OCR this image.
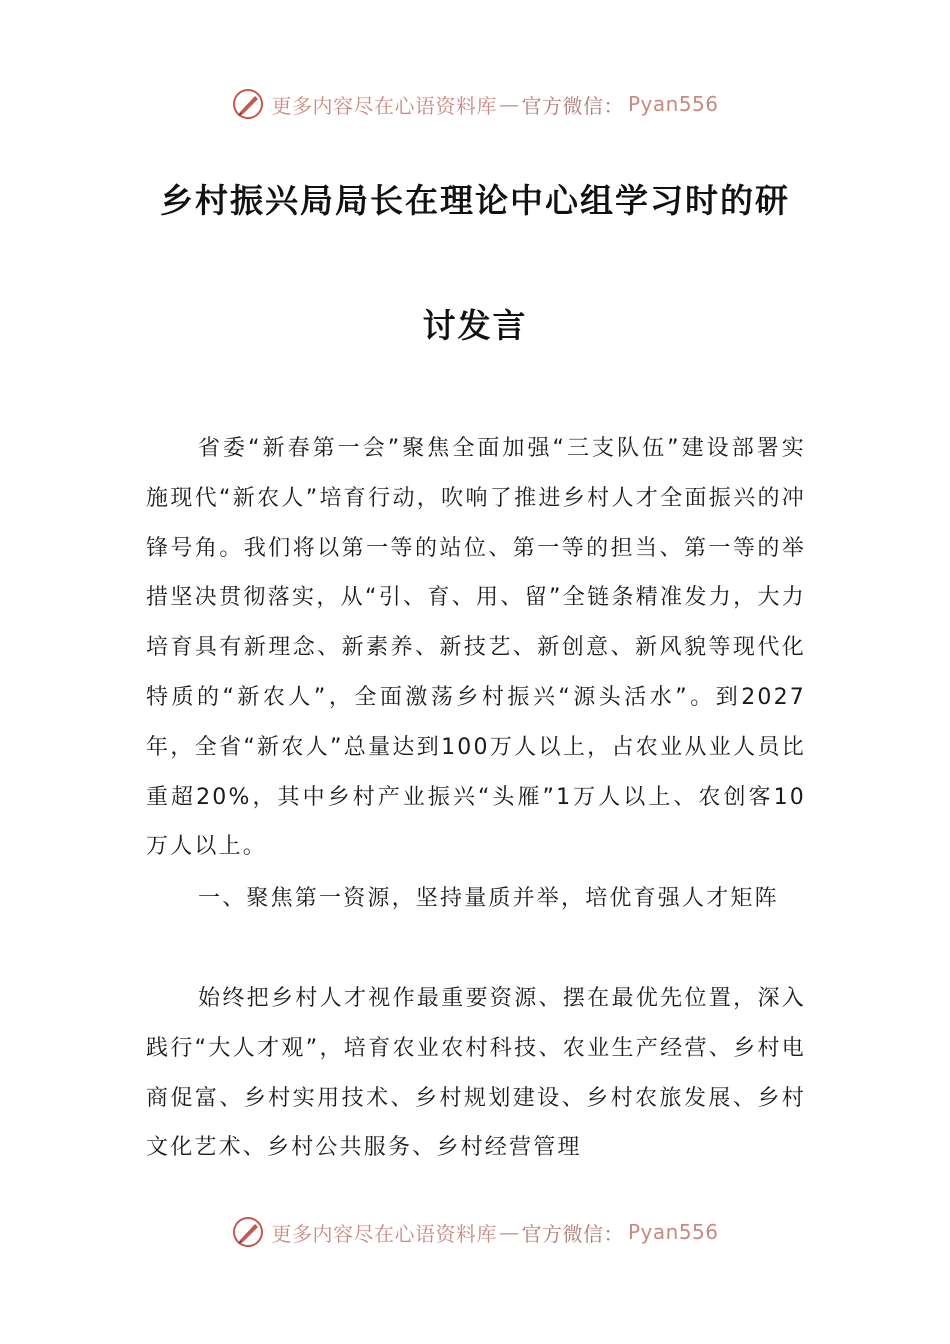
更多内容尽在心语资料库 — 官方微信： Pyan556
乡村振兴局局长在理论中心组学习时的研
讨发言

省委“新春第一会”聚焦全面加强“三支队伍”建设部署实施现代“新农人”培育行动，吹响了推进乡村人才全面振兴的冲锋号角。我们将以第一等的站位、第一等的担当、第一等的举措坚决贯彻落实，从“引、育、用、留”全链条精准发力，大力培育具有新理念、新素养、新技艺、新创意、新风貌等现代化特质的“新农人”，全面激荡乡村振兴“源头活水”。到2027年，全省“新农人”总量达到100万人以上，占农业从业人员比重超20%，其中乡村产业振兴“头雁”1万人以上、农创客10万人以上。

一、聚焦第一资源，坚持量质并举，培优育强人才矩阵

始终把乡村人才视作最重要资源、摆在最优先位置，深入践行“大人才观”，培育农业农村科技、农业生产经营、乡村电商促富、乡村实用技术、乡村规划建设、乡村农旅发展、乡村文化艺术、乡村公共服务、乡村经营管理

更多内容尽在心语资料库 — 官方微信： Pyan556
